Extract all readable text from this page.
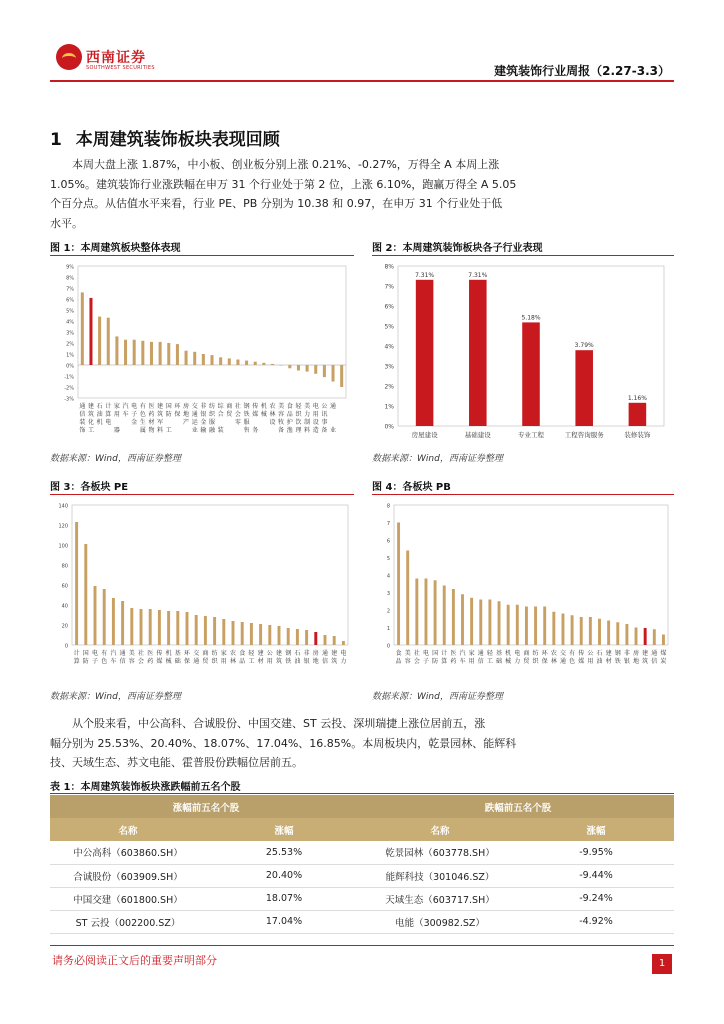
西南证券
SOUTHWEST SECURITIES	建筑装饰行业周报（2.27-3.3）
1 本周建筑装饰板块表现回顾
本周大盘上涨 1.87%，中小板、创业板分别上涨 0.21%、-0.27%，万得全 A 本周上涨
1.05%。建筑装饰行业涨跌幅在申万 31 个行业处于第 2 位，上涨 6.10%，跑赢万得全 A 5.05
个百分点。从估值水平来看，行业 PE、PB 分别为 10.38 和 0.97，在申万 31 个行业处于低
水平。
图 1：本周建筑板块整体表现	图 2：本周建筑装饰板块各子行业表现
数据来源：Wind，西南证券整理	数据来源：Wind，西南证券整理
图 3：各板块 PE	图 4：各板块 PB
数据来源：Wind，西南证券整理	数据来源：Wind，西南证券整理
-3%
-2%
-1%
0%
1%
2%
3%
4%
5%
6%
7%
8%
9%
通 建 石 计 家 汽 电 有 医 建 国 环 房 交 非 纺 综 商 社 钢 传 机 农 美 食 轻 美 电 公 通
信 筑 油 算 用 车 子 色 药 筑 防 保 地 通 银 织 合 贸 会 铁 媒 械 林 容 品 织 力 用 讯
装 化 机 电	金 生 材 军	产 运 金 服	零 服	设 牧 护 饮 制 设 事
饰 工	器	属 物 料 工	业 输 融 装	售 务	备 渔 理 料 造 备 业	0%
1%
2%
3%
4%
5%
6%
7%
8%
7.31%
房屋建设
7.31%
基础建设
5.18%
专业工程
3.79%
工程咨询服务
1.16%
装修装饰
0
20
40
60
80
100
120
140
计 国 电 有 汽 通 美 社 医 传 机 基 环 交 商 纺 家 农 食 轻 建 公 建 钢 石 非 房 通 建 电
算 防 子 色 车 信 容 会 药 媒 械 础 保 通 贸 织 用 林 品 工 材 用 筑 铁 油 银 地 信 筑 力
0
1
2
3
4
5
6
7
8
食 美 社 电 国 计 医 汽 家 通 轻 基 机 电 商 纺 环 农 交 有 传 公 石 建 钢 非 房 建 通 煤
品 容 会 子 防 算 药 车 用 信 工 础 械 力 贸 织 保 林 通 色 媒 用 油 材 铁 银 地 筑 信 炭
从个股来看，中公高科、合诚股份、中国交建、ST 云投、深圳瑞捷上涨位居前五，涨
幅分别为 25.53%、20.40%、18.07%、17.04%、16.85%。本周板块内，乾景园林、能辉科
技、天域生态、苏文电能、霍普股份跌幅位居前五。
表 1：本周建筑装饰板块涨跌幅前五名个股
涨幅前五名个股		跌幅前五名个股	
名称	涨幅	名称	涨幅
中公高科（603860.SH）	25.53%	乾景园林（603778.SH）	-9.95%
合诚股份（603909.SH）	20.40%	能辉科技（301046.SZ）	-9.44%
中国交建（601800.SH）	18.07%	天域生态（603717.SH）	-9.24%
ST 云投（002200.SZ）	17.04%	电能（300982.SZ）	-4.92%
请务必阅读正文后的重要声明部分	1
